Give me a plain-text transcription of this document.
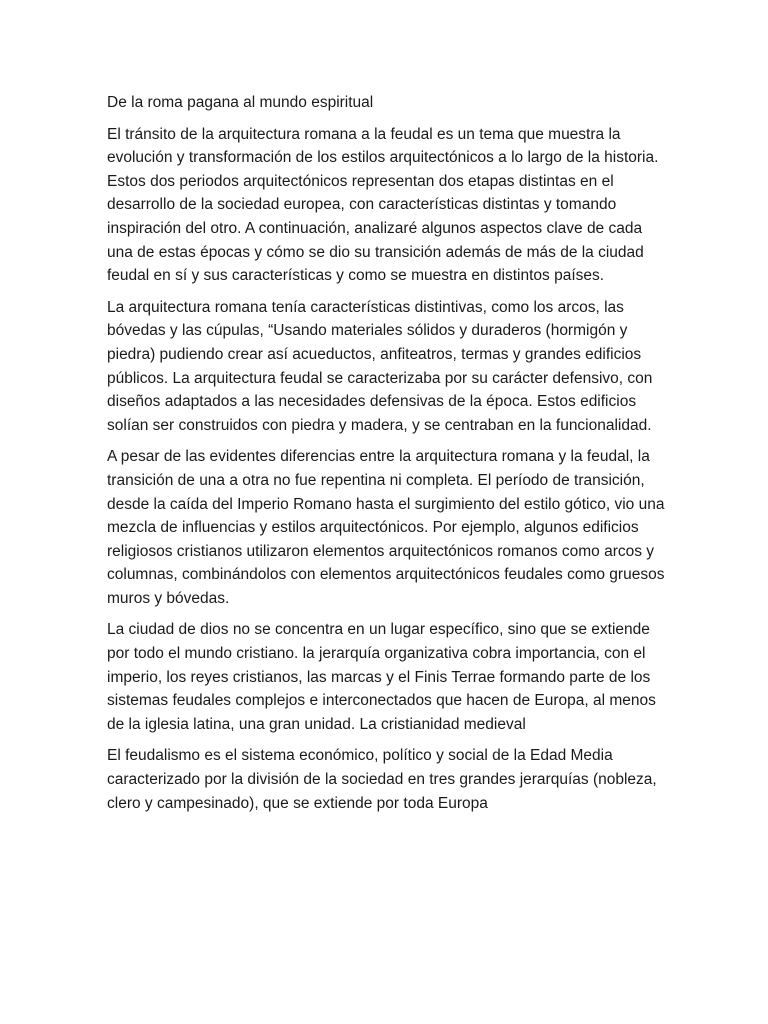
De la roma pagana al mundo espiritual

El tránsito de la arquitectura romana a la feudal es un tema que muestra la evolución y transformación de los estilos arquitectónicos a lo largo de la historia. Estos dos periodos arquitectónicos representan dos etapas distintas en el desarrollo de la sociedad europea, con características distintas y tomando inspiración del otro. A continuación, analizaré algunos aspectos clave de cada una de estas épocas y cómo se dio su transición además de más de la ciudad feudal en sí y sus características y como se muestra en distintos países.

La arquitectura romana tenía características distintivas, como los arcos, las bóvedas y las cúpulas, “Usando materiales sólidos y duraderos (hormigón y piedra) pudiendo crear así acueductos, anfiteatros, termas y grandes edificios públicos. La arquitectura feudal se caracterizaba por su carácter defensivo, con diseños adaptados a las necesidades defensivas de la época. Estos edificios solían ser construidos con piedra y madera, y se centraban en la funcionalidad.

A pesar de las evidentes diferencias entre la arquitectura romana y la feudal, la transición de una a otra no fue repentina ni completa. El período de transición, desde la caída del Imperio Romano hasta el surgimiento del estilo gótico, vio una mezcla de influencias y estilos arquitectónicos. Por ejemplo, algunos edificios religiosos cristianos utilizaron elementos arquitectónicos romanos como arcos y columnas, combinándolos con elementos arquitectónicos feudales como gruesos muros y bóvedas.

La ciudad de dios no se concentra en un lugar específico, sino que se extiende por todo el mundo cristiano. la jerarquía organizativa cobra importancia, con el imperio, los reyes cristianos, las marcas y el Finis Terrae formando parte de los sistemas feudales complejos e interconectados que hacen de Europa, al menos de la iglesia latina, una gran unidad. La cristianidad medieval

El feudalismo es el sistema económico, político y social de la Edad Media caracterizado por la división de la sociedad en tres grandes jerarquías (nobleza, clero y campesinado), que se extiende por toda Europa
